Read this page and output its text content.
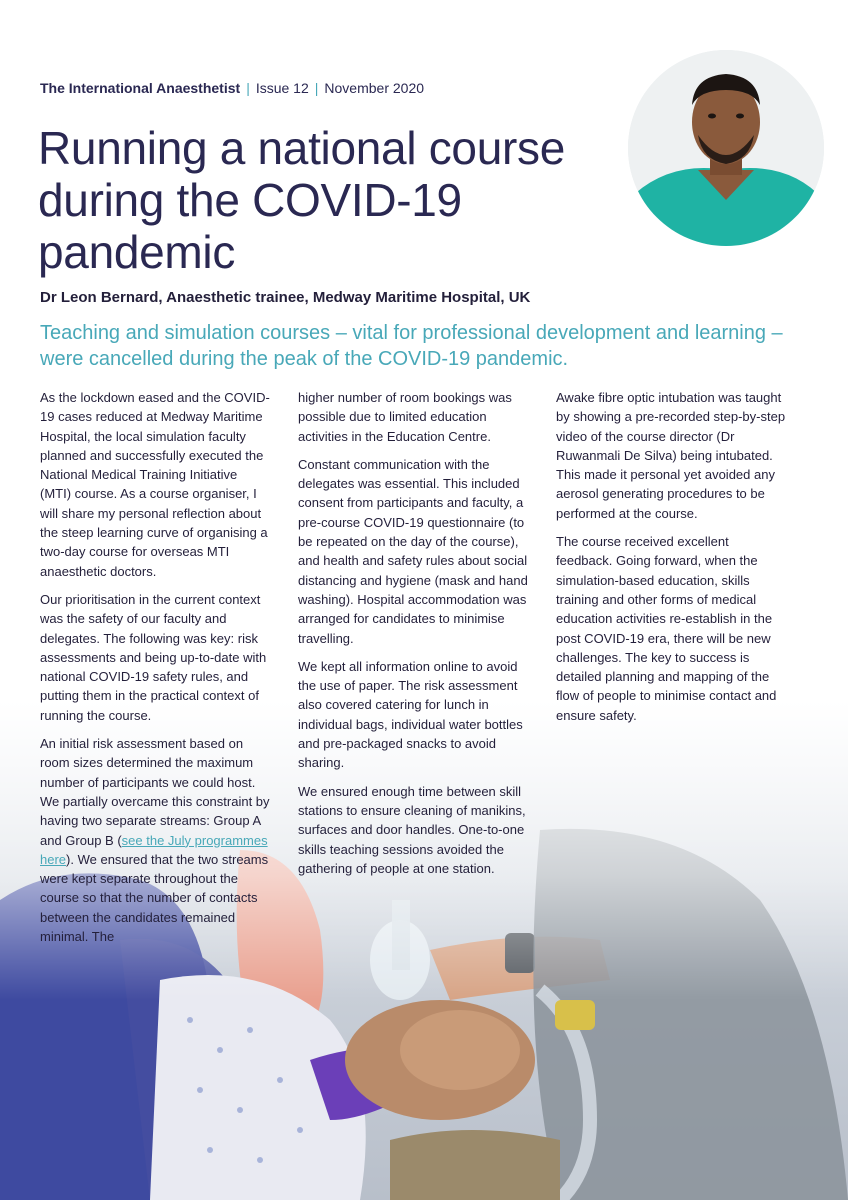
The International Anaesthetist | Issue 12 | November 2020
Running a national course during the COVID-19 pandemic
Dr Leon Bernard, Anaesthetic trainee, Medway Maritime Hospital, UK

Teaching and simulation courses – vital for professional development and learning – were cancelled during the peak of the COVID-19 pandemic.

As the lockdown eased and the COVID-19 cases reduced at Medway Maritime Hospital, the local simulation faculty planned and successfully executed the National Medical Training Initiative (MTI) course. As a course organiser, I will share my personal reflection about the steep learning curve of organising a two-day course for overseas MTI anaesthetic doctors.

Our prioritisation in the current context was the safety of our faculty and delegates. The following was key: risk assessments and being up-to-date with national COVID-19 safety rules, and putting them in the practical context of running the course.

An initial risk assessment based on room sizes determined the maximum number of participants we could host. We partially overcame this constraint by having two separate streams: Group A and Group B (see the July programmes here). We ensured that the two streams were kept separate throughout the course so that the number of contacts between the candidates remained minimal. The

higher number of room bookings was possible due to limited education activities in the Education Centre.

Constant communication with the delegates was essential. This included consent from participants and faculty, a pre-course COVID-19 questionnaire (to be repeated on the day of the course), and health and safety rules about social distancing and hygiene (mask and hand washing). Hospital accommodation was arranged for candidates to minimise travelling.

We kept all information online to avoid the use of paper. The risk assessment also covered catering for lunch in individual bags, individual water bottles and pre-packaged snacks to avoid sharing.

We ensured enough time between skill stations to ensure cleaning of manikins, surfaces and door handles. One-to-one skills teaching sessions avoided the gathering of people at one station.

Awake fibre optic intubation was taught by showing a pre-recorded step-by-step video of the course director (Dr Ruwanmali De Silva) being intubated. This made it personal yet avoided any aerosol generating procedures to be performed at the course.

The course received excellent feedback. Going forward, when the simulation-based education, skills training and other forms of medical education activities re-establish in the post COVID-19 era, there will be new challenges. The key to success is detailed planning and mapping of the flow of people to minimise contact and ensure safety.
